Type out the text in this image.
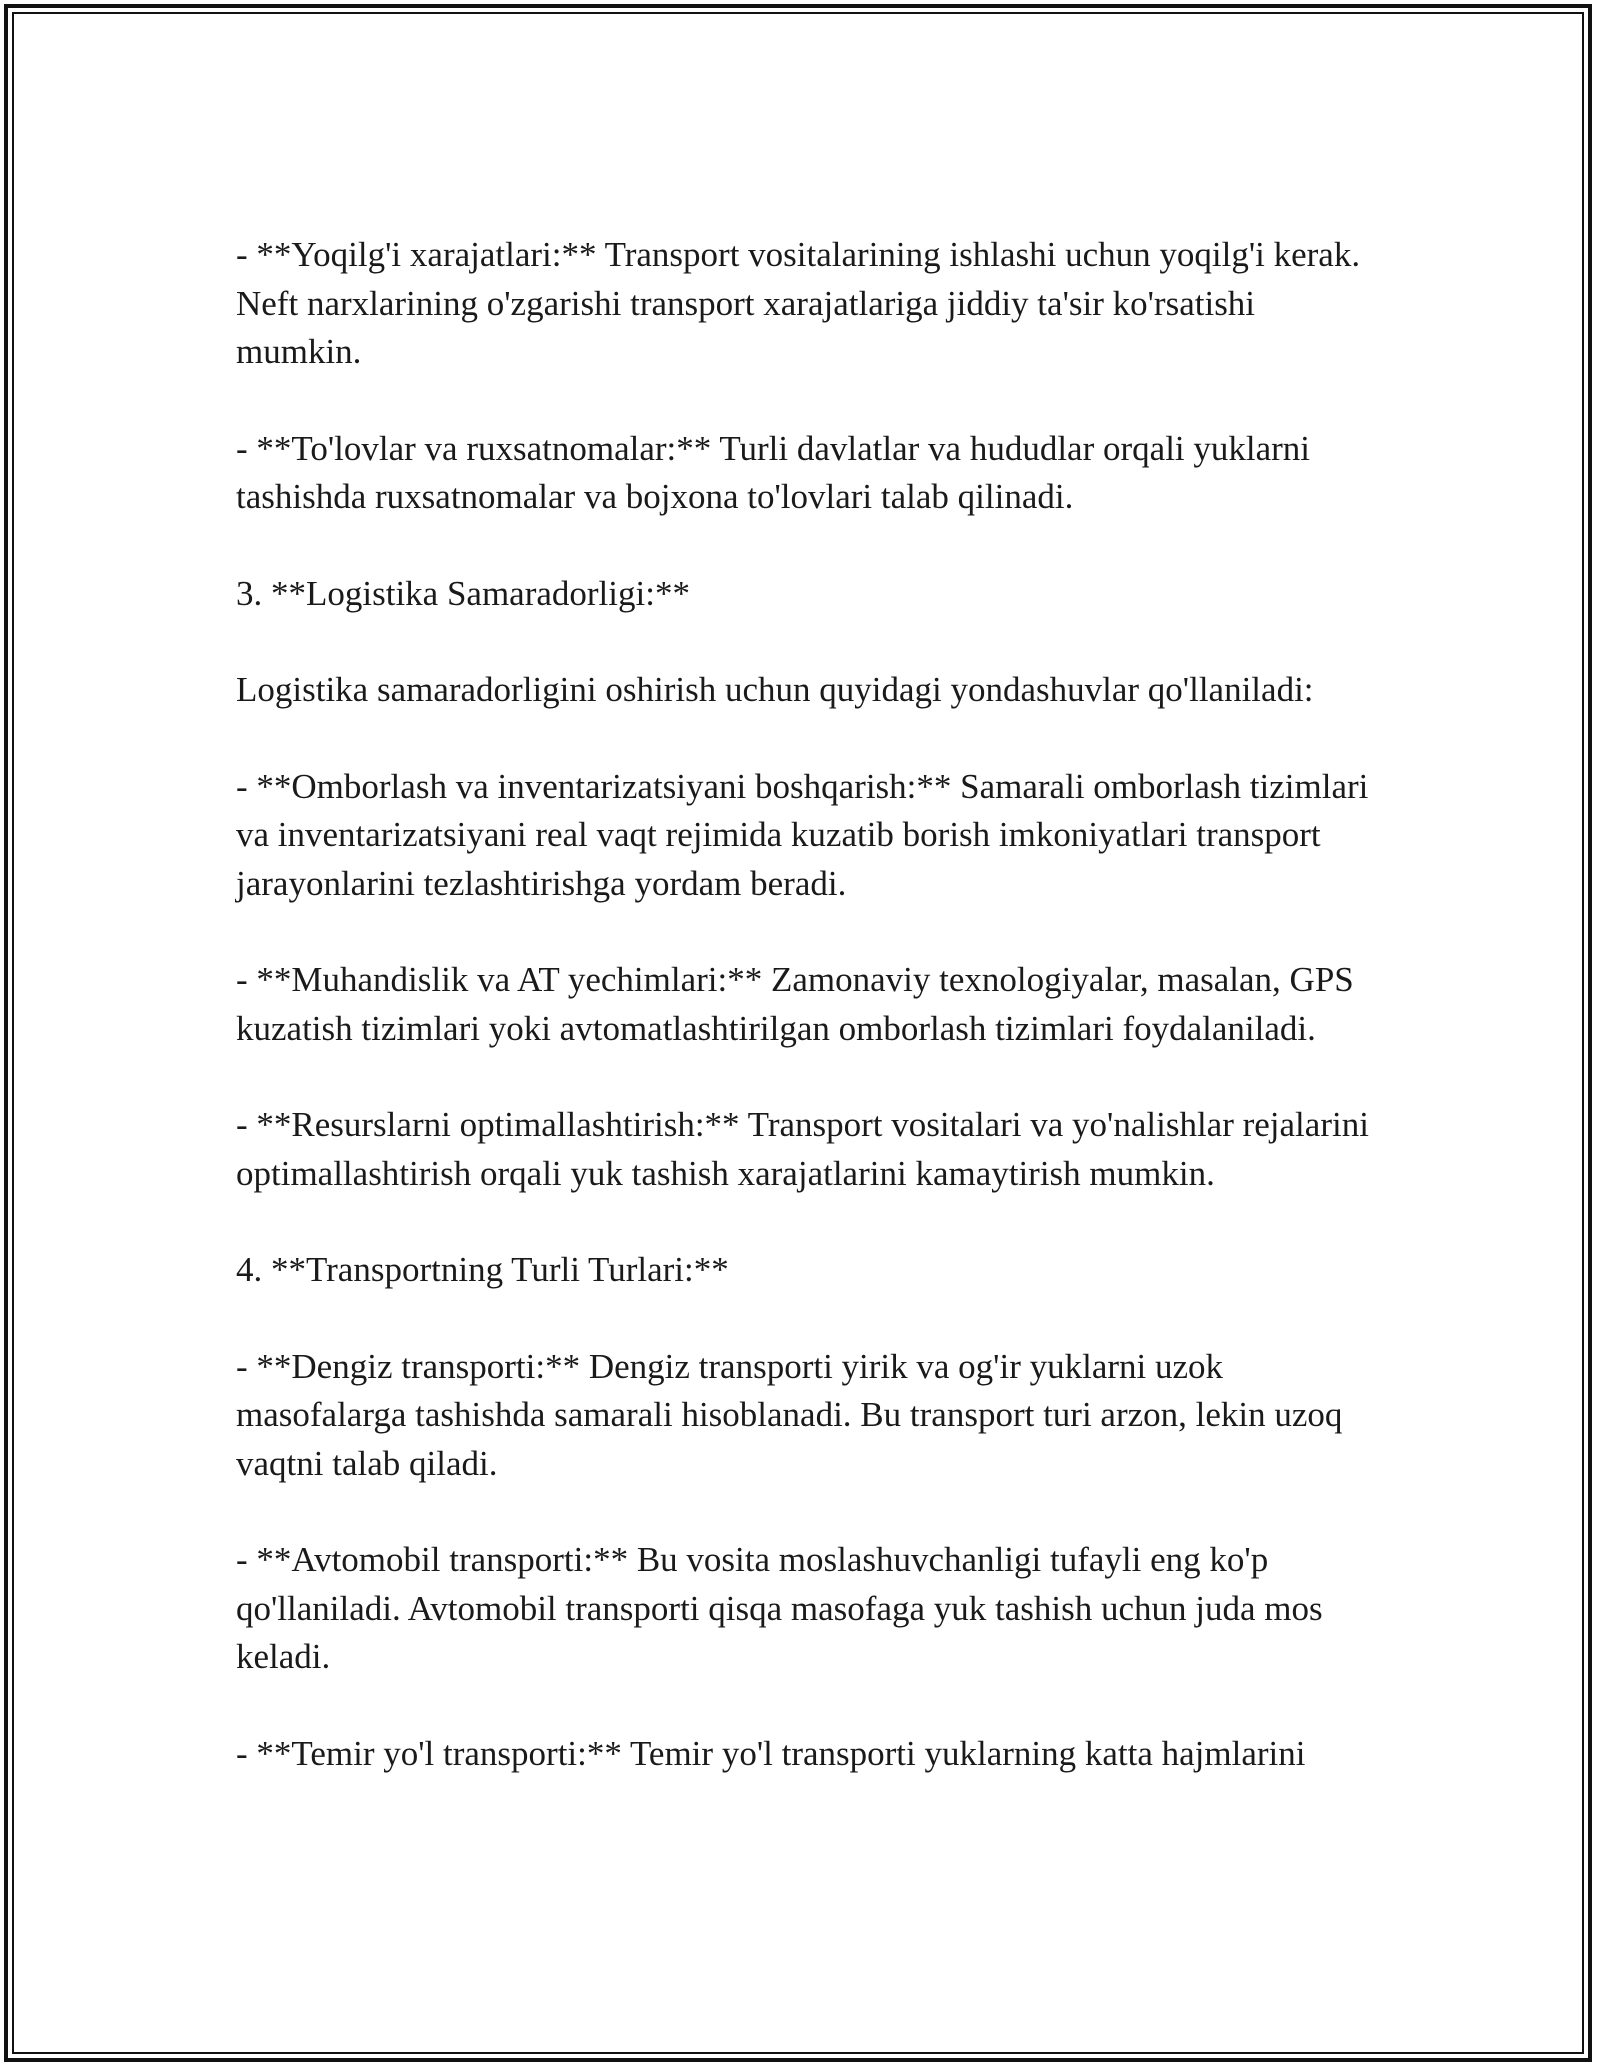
- **Yoqilg'i xarajatlari:** Transport vositalarining ishlashi uchun yoqilg'i kerak. Neft narxlarining o'zgarishi transport xarajatlariga jiddiy ta'sir ko'rsatishi mumkin.

- **To'lovlar va ruxsatnomalar:** Turli davlatlar va hududlar orqali yuklarni tashishda ruxsatnomalar va bojxona to'lovlari talab qilinadi.

3. **Logistika Samaradorligi:**

Logistika samaradorligini oshirish uchun quyidagi yondashuvlar qo'llaniladi:

- **Omborlash va inventarizatsiyani boshqarish:** Samarali omborlash tizimlari va inventarizatsiyani real vaqt rejimida kuzatib borish imkoniyatlari transport jarayonlarini tezlashtirishga yordam beradi.

- **Muhandislik va AT yechimlari:** Zamonaviy texnologiyalar, masalan, GPS kuzatish tizimlari yoki avtomatlashtirilgan omborlash tizimlari foydalaniladi.

- **Resurslarni optimallashtirish:** Transport vositalari va yo'nalishlar rejalarini optimallashtirish orqali yuk tashish xarajatlarini kamaytirish mumkin.

4. **Transportning Turli Turlari:**

- **Dengiz transporti:** Dengiz transporti yirik va og'ir yuklarni uzok masofalarga tashishda samarali hisoblanadi. Bu transport turi arzon, lekin uzoq vaqtni talab qiladi.

- **Avtomobil transporti:** Bu vosita moslashuvchanligi tufayli eng ko'p qo'llaniladi. Avtomobil transporti qisqa masofaga yuk tashish uchun juda mos keladi.

- **Temir yo'l transporti:** Temir yo'l transporti yuklarning katta hajmlarini
